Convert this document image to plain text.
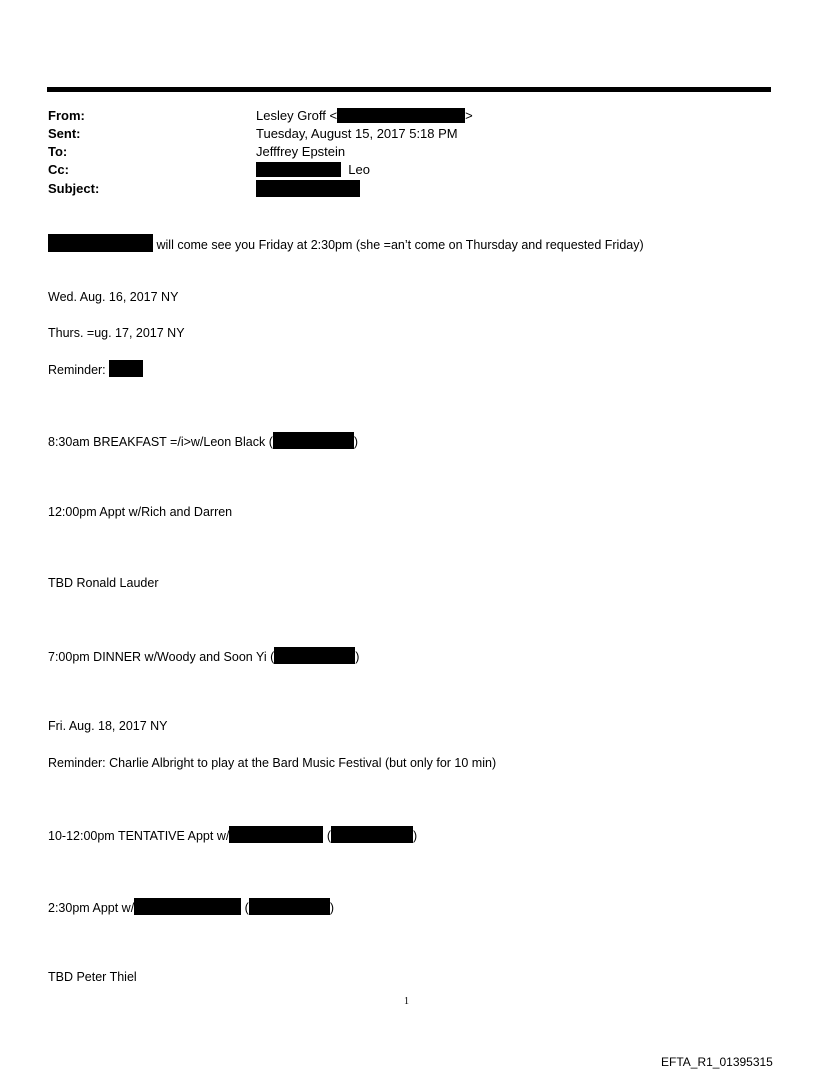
From:	Lesley Groff <	>
Sent:	Tuesday, August 15, 2017 5:18 PM
To:	Jefffrey Epstein
Cc:	Leo
Subject:
will come see you Friday at 2:30pm (she =an’t come on Thursday and requested Friday)
Wed. Aug. 16, 2017 NY
Thurs. =ug. 17, 2017 NY
Reminder:
8:30am BREAKFAST =/i>w/Leon Black (	)
12:00pm Appt w/Rich and Darren
TBD Ronald Lauder
7:00pm DINNER w/Woody and Soon Yi (	)
Fri. Aug. 18, 2017 NY
Reminder: Charlie Albright to play at the Bard Music Festival (but only for 10 min)
10-12:00pm TENTATIVE Appt w/	(	)
2:30pm Appt w/	(	)
TBD Peter Thiel
1
EFTA_R1_01395315
